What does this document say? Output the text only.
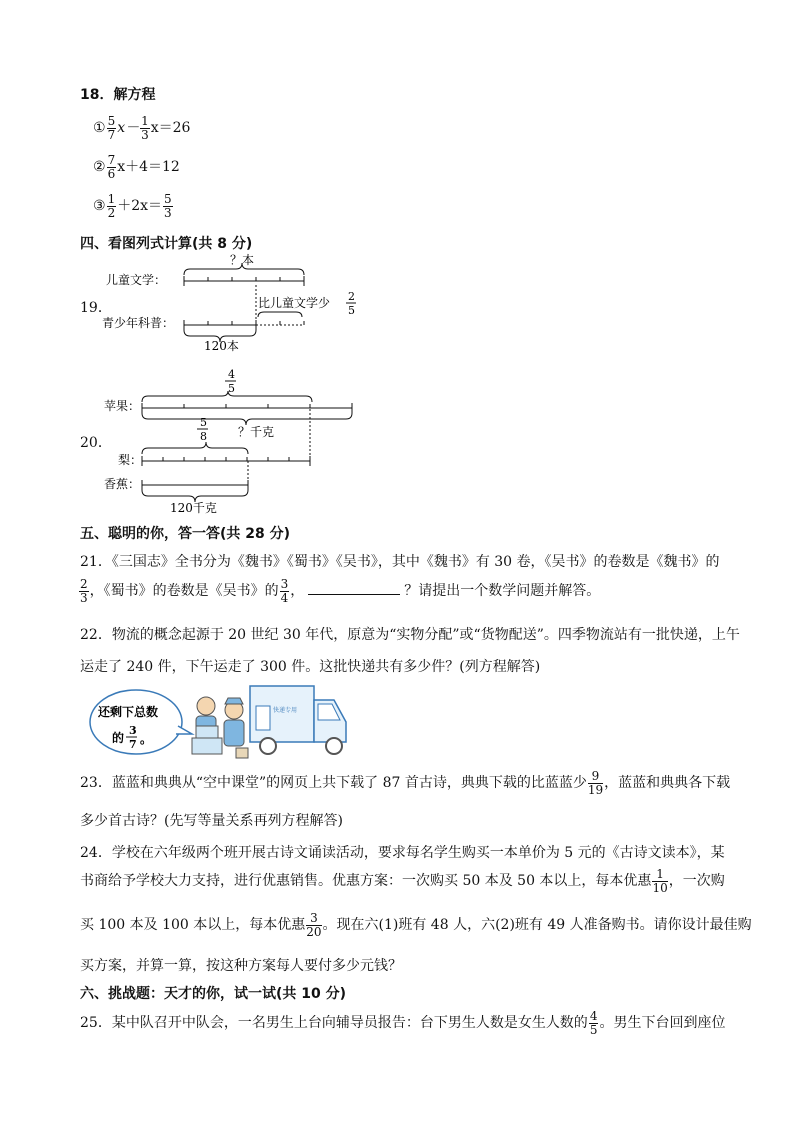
18．解方程
① $\frac{5}{7} x- \frac{1}{3} x=26$
② $\frac{7}{6} x+4=12$
③ $\frac{1}{2} +2x= \frac{5}{3}$
四、看图列式计算(共 8 分)
19．
儿童文学：
青少年科普：
？本
比儿童文学少 2
5
120本
20．
4
5
苹果：
5
8	？千克
梨：
香蕉：
120千克
五、聪明的你，答一答(共 28 分)
21．《三国志》全书分为《魏书》《蜀书》《吴书》，其中《魏书》有 30 卷，《吴书》的卷数是《魏书》的
$\frac{2}{3}$ ，《蜀书》的卷数是《吴书》的 $\frac{3}{4}$ ，	？请提出一个数学问题并解答。
22．物流的概念起源于 20 世纪 30 年代，原意为“实物分配”或“货物配送”。四季物流站有一批快递，上午
运走了 240 件，下午运走了 300 件。这批快递共有多少件？(列方程解答)
还剩下总数
的
3
7 。
快递专用
23．蓝蓝和典典从“空中课堂”的网页上共下载了 87 首古诗，典典下载的比蓝蓝少 $\frac{9}{19}$ ，蓝蓝和典典各下载
多少首古诗？(先写等量关系再列方程解答)
24．学校在六年级两个班开展古诗文诵读活动，要求每名学生购买一本单价为 5 元的《古诗文读本》，某
书商给予学校大力支持，进行优惠销售。优惠方案：一次购买 50 本及 50 本以上，每本优惠 $\frac{1}{10}$ ，一次购
买 100 本及 100 本以上，每本优惠 $\frac{3}{20}$ 。现在六(1)班有 48 人，六(2)班有 49 人准备购书。请你设计最佳购
买方案，并算一算，按这种方案每人要付多少元钱？
六、挑战题：天才的你，试一试(共 10 分)
25．某中队召开中队会，一名男生上台向辅导员报告：台下男生人数是女生人数的 $\frac{4}{5}$ 。男生下台回到座位
